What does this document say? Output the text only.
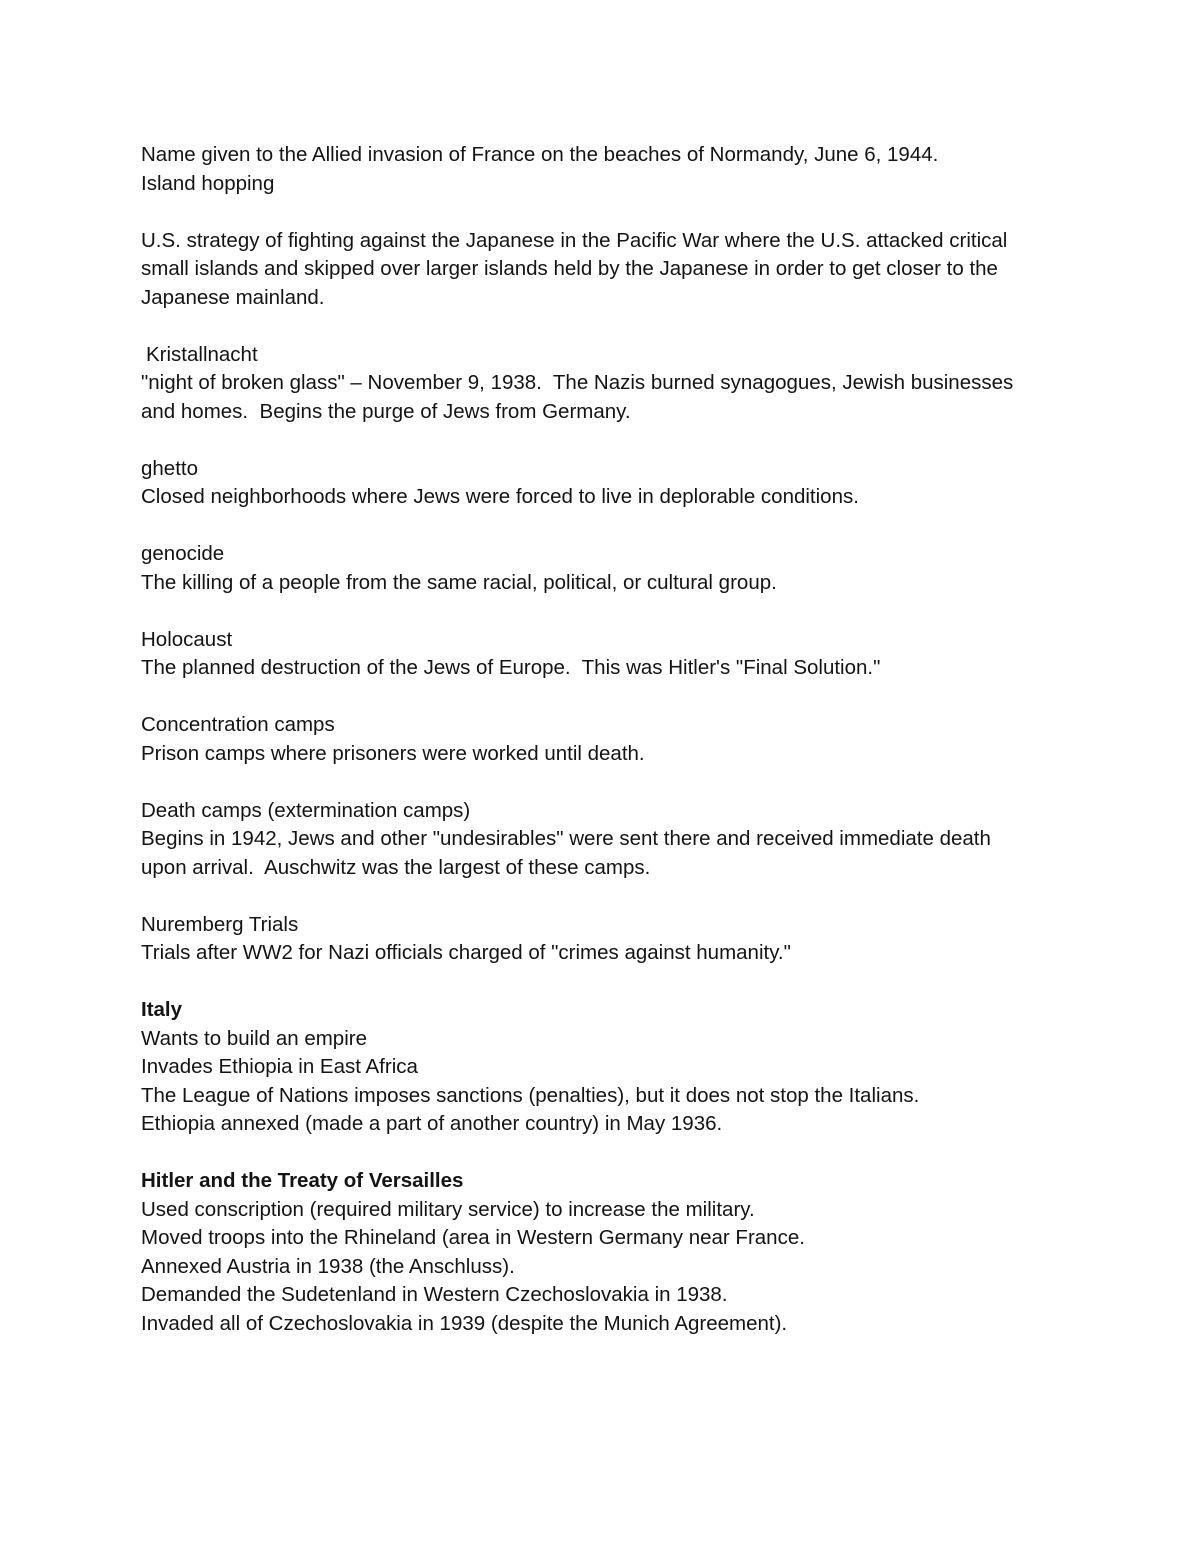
Name given to the Allied invasion of France on the beaches of Normandy, June 6, 1944.
Island hopping
U.S. strategy of fighting against the Japanese in the Pacific War where the U.S. attacked critical
small islands and skipped over larger islands held by the Japanese in order to get closer to the
Japanese mainland.
Kristallnacht
"night of broken glass" – November 9, 1938.  The Nazis burned synagogues, Jewish businesses
and homes.  Begins the purge of Jews from Germany.
ghetto
Closed neighborhoods where Jews were forced to live in deplorable conditions.
genocide
The killing of a people from the same racial, political, or cultural group.
Holocaust
The planned destruction of the Jews of Europe.  This was Hitler's "Final Solution."
Concentration camps
Prison camps where prisoners were worked until death.
Death camps (extermination camps)
Begins in 1942, Jews and other "undesirables" were sent there and received immediate death
upon arrival.  Auschwitz was the largest of these camps.
Nuremberg Trials
Trials after WW2 for Nazi officials charged of "crimes against humanity."
Italy
Wants to build an empire
Invades Ethiopia in East Africa
The League of Nations imposes sanctions (penalties), but it does not stop the Italians.
Ethiopia annexed (made a part of another country) in May 1936.
Hitler and the Treaty of Versailles
Used conscription (required military service) to increase the military.
Moved troops into the Rhineland (area in Western Germany near France.
Annexed Austria in 1938 (the Anschluss).
Demanded the Sudetenland in Western Czechoslovakia in 1938.
Invaded all of Czechoslovakia in 1939 (despite the Munich Agreement).
